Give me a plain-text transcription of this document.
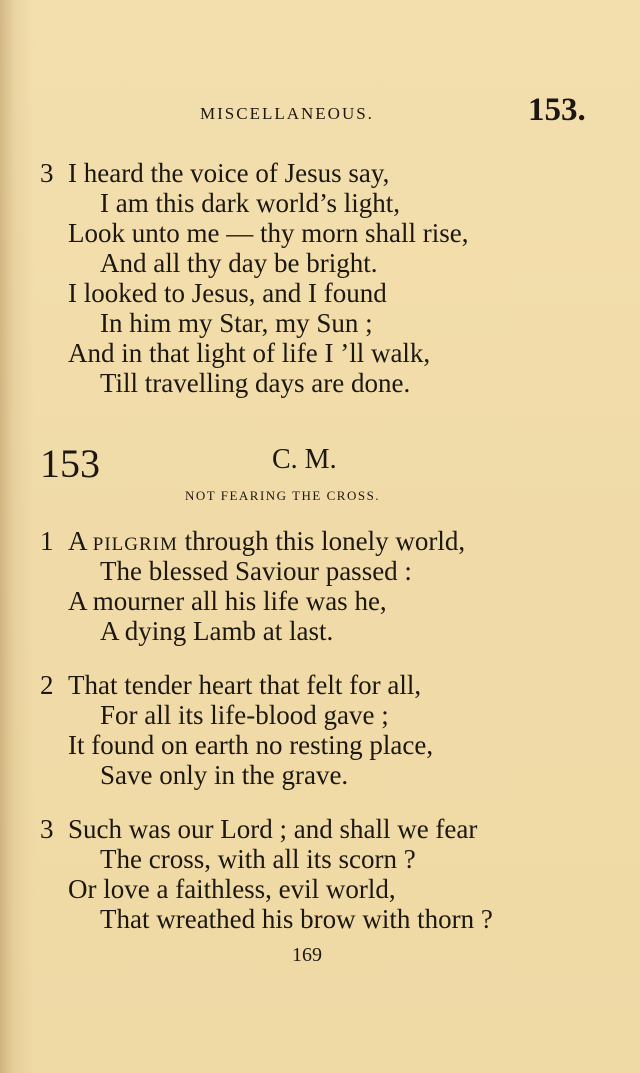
MISCELLANEOUS.	153.
3 I heard the voice of Jesus say,
I am this dark world’s light,
Look unto me — thy morn shall rise,
And all thy day be bright.
I looked to Jesus, and I found
In him my Star, my Sun ;
And in that light of life I ’ll walk,
Till travelling days are done.
153	C. M.
NOT FEARING THE CROSS.
1 A pilgrim through this lonely world,
The blessed Saviour passed :
A mourner all his life was he,
A dying Lamb at last.
2 That tender heart that felt for all,
For all its life-blood gave ;
It found on earth no resting place,
Save only in the grave.
3 Such was our Lord ; and shall we fear
The cross, with all its scorn ?
Or love a faithless, evil world,
That wreathed his brow with thorn ?
169
